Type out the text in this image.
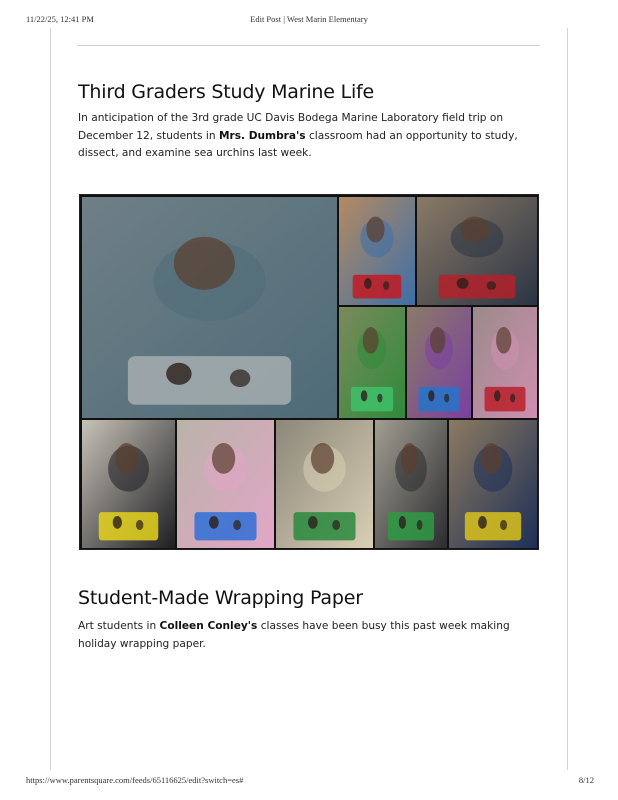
11/22/25, 12:41 PM	Edit Post | West Marin Elementary
Third Graders Study Marine Life

In anticipation of the 3rd grade UC Davis Bodega Marine Laboratory field trip on December 12, students in Mrs. Dumbra's classroom had an opportunity to study, dissect, and examine sea urchins last week.

Student-Made Wrapping Paper

Art students in Colleen Conley's classes have been busy this past week making holiday wrapping paper.

https://www.parentsquare.com/feeds/65116625/edit?switch=es#	8/12
